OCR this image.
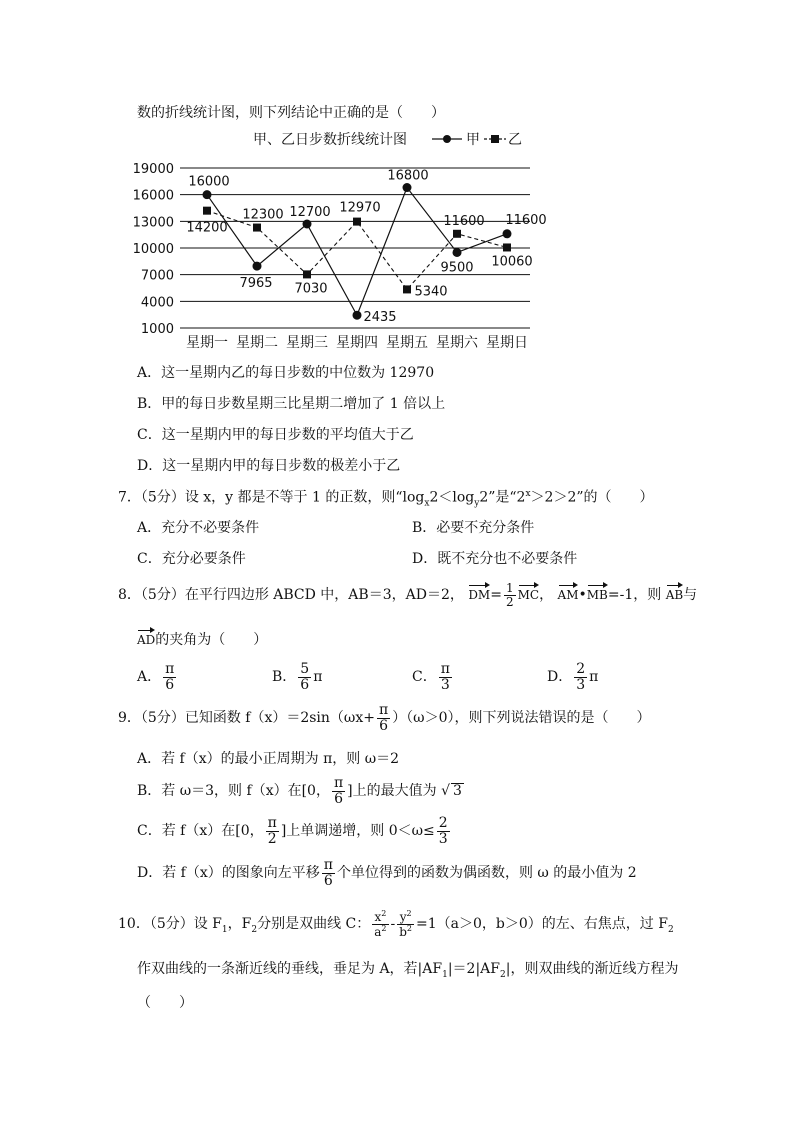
数的折线统计图，则下列结论中正确的是（　　）
甲、乙日步数折线统计图	甲 乙
1000
4000
7000
10000
13000
16000
19000
星期一 星期二 星期三 星期四 星期五 星期六 星期日
16000
7965
12700
2435
16800
9500
11600
14200
12300
7030
12970
5340
11600
10060
A．这一星期内乙的每日步数的中位数为 12970
B．甲的每日步数星期三比星期二增加了 1 倍以上
C．这一星期内甲的每日步数的平均值大于乙
D．这一星期内甲的每日步数的极差小于乙
7．（5分）设 x，y 都是不等于 1 的正数，则“$\log_x2<\log_y2$”是“$2^x>2>2$”的（　　）
A．充分不必要条件	B．必要不充分条件
C．充分必要条件	D．既不充分也不必要条件
8．（5分）在平行四边形 ABCD 中，AB＝3，AD＝2， $DM= \frac{1}{2}$ MC， AM•MB=-1，则 AB与
AD的夹角为（　　）
A． $\frac{\pi}{6}$	B． $\frac{5}{6}$ π	C． $\frac{\pi}{3}$	D． $\frac{2}{3}$ π
9．（5分）已知函数 $f(x)=2\sin(\omega x+ \frac{\pi}{6} )(\omega>0)$，则下列说法错误的是（　　）
A．若 f（x）的最小正周期为 π，则 ω＝2
B．若 ω＝3，则 f（x）在[0， $\frac{\pi}{6}$ ]上的最大值为 √ 3
C．若 f（x）在[0， $\frac{\pi}{2}$ ]上单调递增，则 $0<\omega\le \frac{2}{3}$
D．若 f（x）的图象向左平移 $\frac{\pi}{6}$ 个单位得到的函数为偶函数，则 ω 的最小值为 2
10．（5分）设 $F_1$，$F_2$分别是双曲线 C： $\frac{x^2}{a^2} - \frac{y^2}{b^2} =1(a>0$，b＞0）的左、右焦点，过 $F_2$
作双曲线的一条渐近线的垂线，垂足为 A，若$|AF_1|=2|AF_2|$，则双曲线的渐近线方程为
（　　）
